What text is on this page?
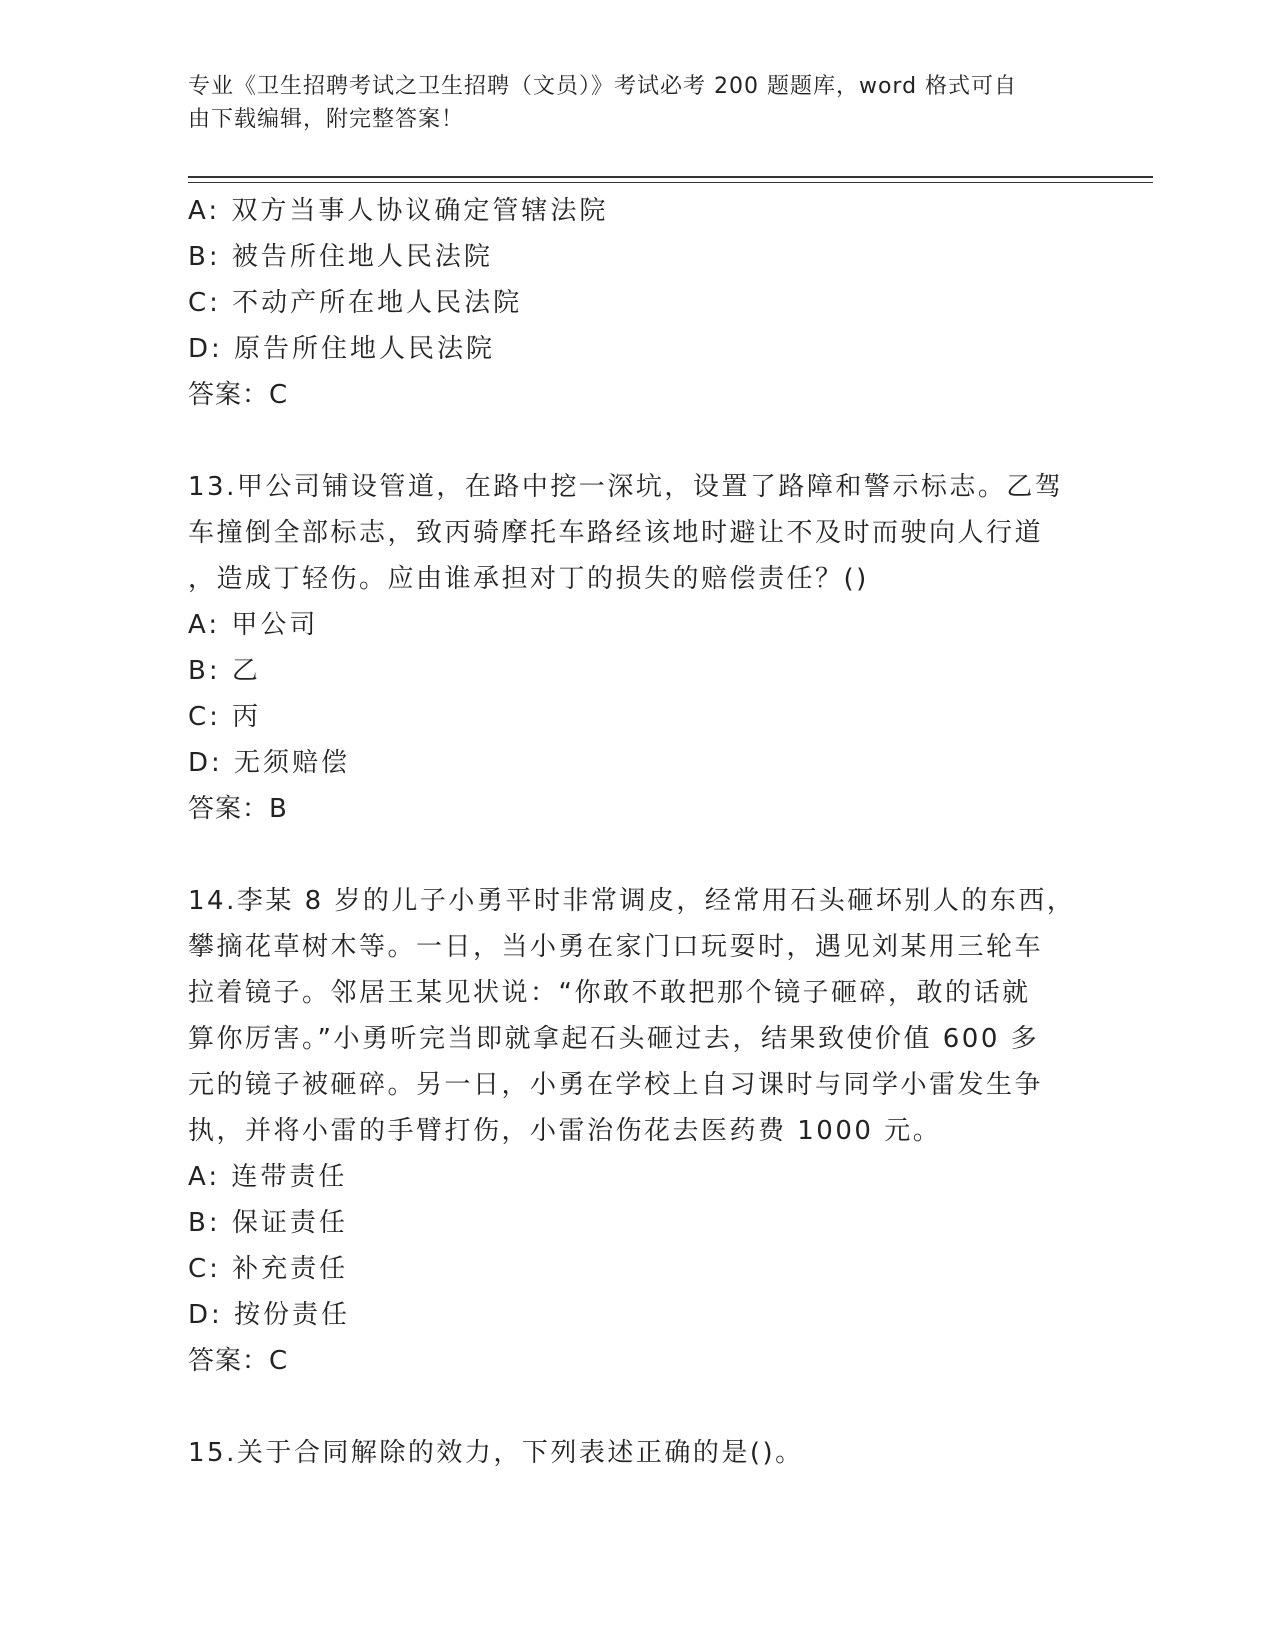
专业《卫生招聘考试之卫生招聘（文员）》考试必考 200 题题库，word 格式可自
由下载编辑，附完整答案！
A: 双方当事人协议确定管辖法院
B: 被告所住地人民法院
C: 不动产所在地人民法院
D: 原告所住地人民法院
答案：C
13.甲公司铺设管道，在路中挖一深坑，设置了路障和警示标志。乙驾
车撞倒全部标志，致丙骑摩托车路经该地时避让不及时而驶向人行道
，造成丁轻伤。应由谁承担对丁的损失的赔偿责任？()
A: 甲公司
B: 乙
C: 丙
D: 无须赔偿
答案：B
14.李某 8 岁的儿子小勇平时非常调皮，经常用石头砸坏别人的东西，
攀摘花草树木等。一日，当小勇在家门口玩耍时，遇见刘某用三轮车
拉着镜子。邻居王某见状说：“你敢不敢把那个镜子砸碎，敢的话就
算你厉害。”小勇听完当即就拿起石头砸过去，结果致使价值 600 多
元的镜子被砸碎。另一日，小勇在学校上自习课时与同学小雷发生争
执，并将小雷的手臂打伤，小雷治伤花去医药费 1000 元。
A: 连带责任
B: 保证责任
C: 补充责任
D: 按份责任
答案：C
15.关于合同解除的效力，下列表述正确的是()。
